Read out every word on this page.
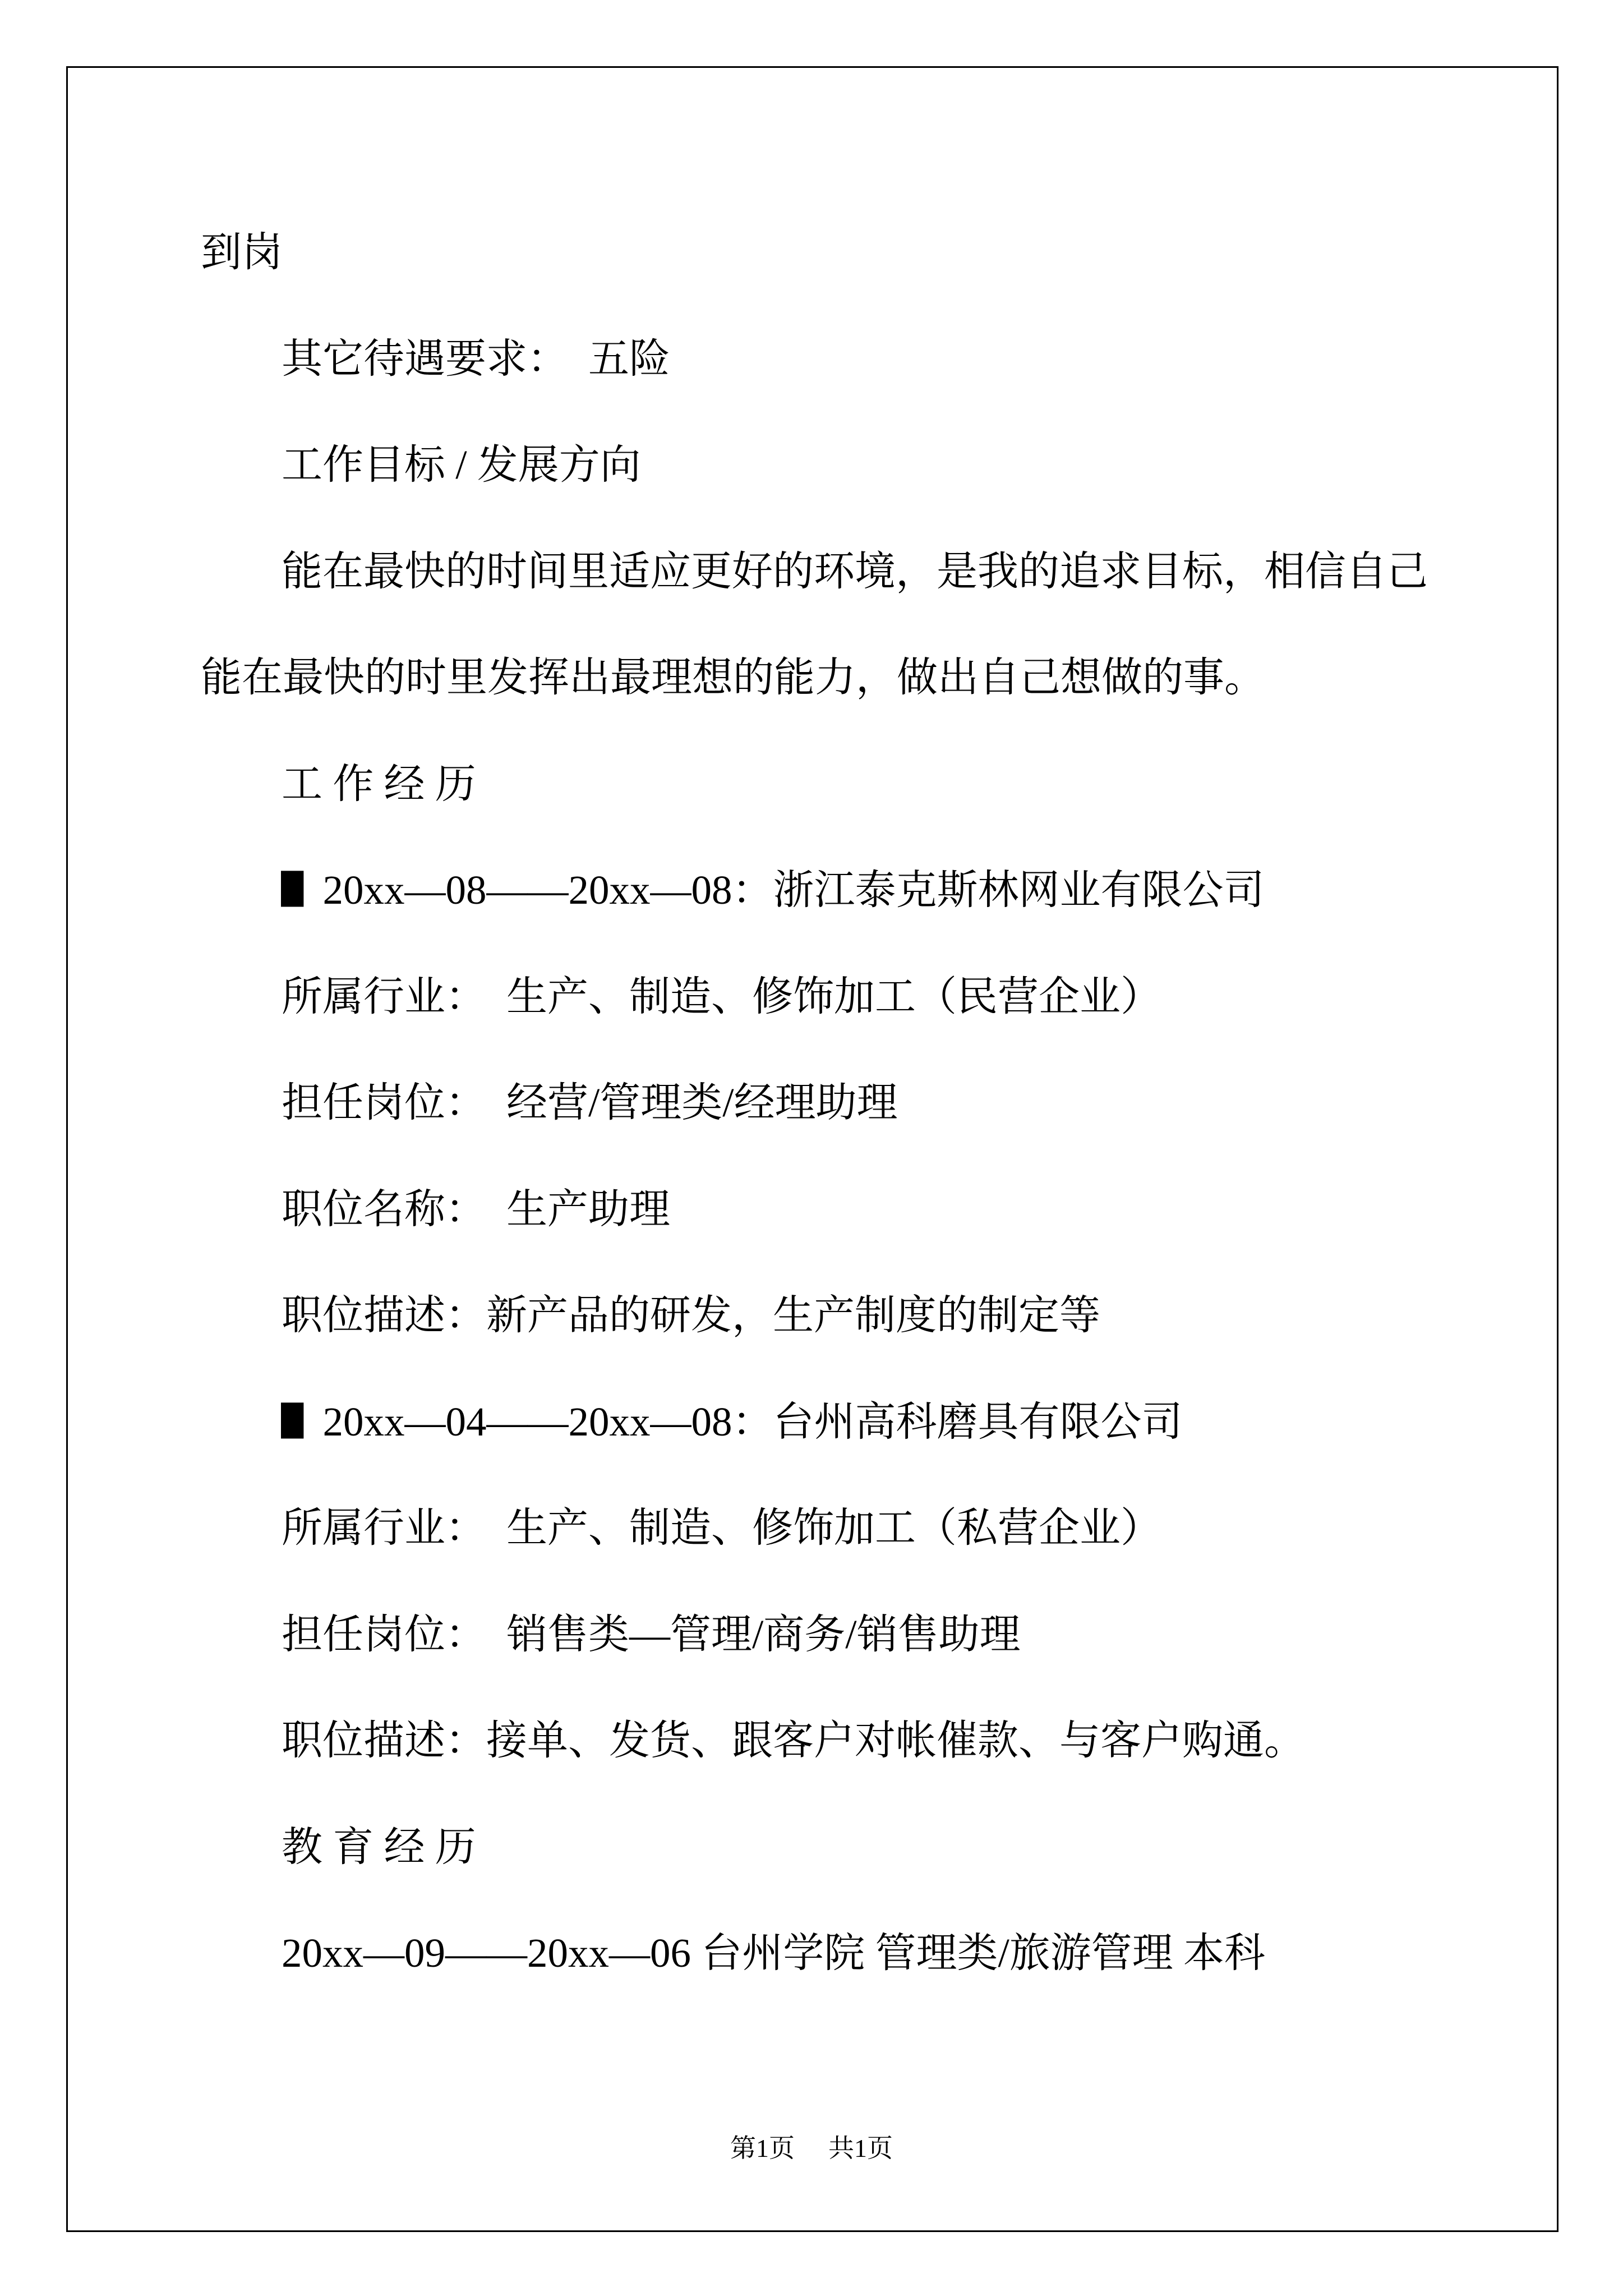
到岗
其它待遇要求： 五险
工作目标 / 发展方向
能在最快的时间里适应更好的环境，是我的追求目标，相信自己
能在最快的时里发挥出最理想的能力，做出自己想做的事。
工 作 经 历
▌20xx—08——20xx—08：浙江泰克斯林网业有限公司
所属行业： 生产、制造、修饰加工（民营企业）
担任岗位： 经营/管理类/经理助理
职位名称： 生产助理
职位描述：新产品的研发，生产制度的制定等
▌20xx—04——20xx—08：台州高科磨具有限公司
所属行业： 生产、制造、修饰加工（私营企业）
担任岗位： 销售类—管理/商务/销售助理
职位描述：接单、发货、跟客户对帐催款、与客户购通。
教 育 经 历
20xx—09——20xx—06 台州学院 管理类/旅游管理 本科
第1页 共1页
